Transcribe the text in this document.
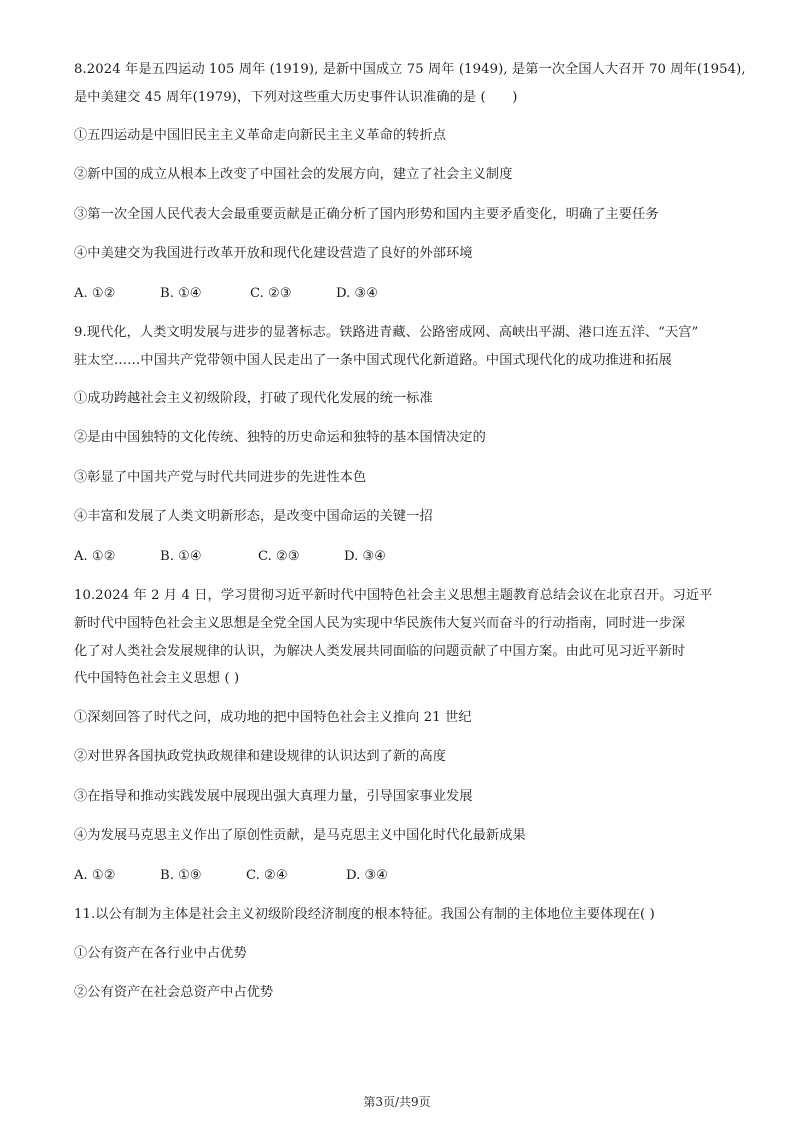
8.2024 年是五四运动 105 周年 (1919), 是新中国成立 75 周年 (1949), 是第一次全国人大召开 70 周年(1954),
是中美建交 45 周年(1979)，下列对这些重大历史事件认识准确的是 (　　)
①五四运动是中国旧民主主义革命走向新民主主义革命的转折点
②新中国的成立从根本上改变了中国社会的发展方向，建立了社会主义制度
③第一次全国人民代表大会最重要贡献是正确分析了国内形势和国内主要矛盾变化，明确了主要任务
④中美建交为我国进行改革开放和现代化建设营造了良好的外部环境
A. ①②	B. ①④	C. ②③	D. ③④
9.现代化，人类文明发展与进步的显著标志。铁路进青藏、公路密成网、高峡出平湖、港口连五洋、“天宫”
驻太空……中国共产党带领中国人民走出了一条中国式现代化新道路。中国式现代化的成功推进和拓展
①成功跨越社会主义初级阶段，打破了现代化发展的统一标准
②是由中国独特的文化传统、独特的历史命运和独特的基本国情决定的
③彰显了中国共产党与时代共同进步的先进性本色
④丰富和发展了人类文明新形态，是改变中国命运的关键一招
A. ①②	B. ①④	C. ②③	D. ③④
10.2024 年 2 月 4 日，学习贯彻习近平新时代中国特色社会主义思想主题教育总结会议在北京召开。习近平
新时代中国特色社会主义思想是全党全国人民为实现中华民族伟大复兴而奋斗的行动指南，同时进一步深
化了对人类社会发展规律的认识，为解决人类发展共同面临的问题贡献了中国方案。由此可见习近平新时
代中国特色社会主义思想 ( )
①深刻回答了时代之问，成功地的把中国特色社会主义推向 21 世纪
②对世界各国执政党执政规律和建设规律的认识达到了新的高度
③在指导和推动实践发展中展现出强大真理力量，引导国家事业发展
④为发展马克思主义作出了原创性贡献，是马克思主义中国化时代化最新成果
A. ①②	B. ①⑨	C. ②④	D. ③④
11.以公有制为主体是社会主义初级阶段经济制度的根本特征。我国公有制的主体地位主要体现在( )
①公有资产在各行业中占优势
②公有资产在社会总资产中占优势
第3页/共9页
